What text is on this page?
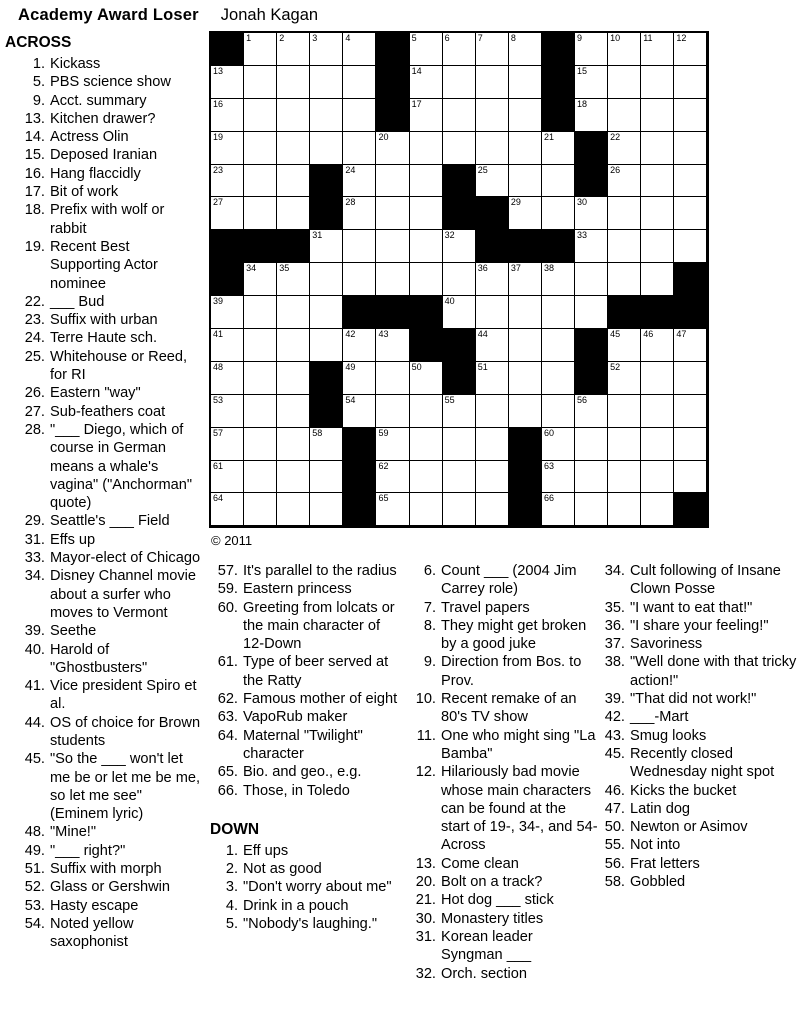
Academy Award Loser Jonah Kagan
ACROSS
1. Kickass
5. PBS science show
9. Acct. summary
13. Kitchen drawer?
14. Actress Olin
15. Deposed Iranian
16. Hang flaccidly
17. Bit of work
18. Prefix with wolf or rabbit
19. Recent Best Supporting Actor nominee
22. ___ Bud
23. Suffix with urban
24. Terre Haute sch.
25. Whitehouse or Reed, for RI
26. Eastern "way"
27. Sub-feathers coat
28. "___ Diego, which of course in German means a whale's vagina" ("Anchorman" quote)
29. Seattle's ___ Field
31. Effs up
33. Mayor-elect of Chicago
34. Disney Channel movie about a surfer who moves to Vermont
39. Seethe
40. Harold of "Ghostbusters"
41. Vice president Spiro et al.
44. OS of choice for Brown students
45. "So the ___ won't let me be or let me be me, so let me see" (Eminem lyric)
48. "Mine!"
49. "___ right?"
51. Suffix with morph
52. Glass or Gershwin
53. Hasty escape
54. Noted yellow saxophonist
1	2	3	4	5	6	7	8	9	10	11	12
13	14	15
16	17	18
19	20	21	22
23	24	25	26
27	28	29	30
31	32	33
34	35	36	37	38
39	40
41	42	43	44	45	46	47
48	49	50	51	52
53	54	55	56
57	58	59	60
61	62	63
64	65	66
© 2011
57. It's parallel to the radius
59. Eastern princess
60. Greeting from lolcats or the main character of 12-Down
61. Type of beer served at the Ratty
62. Famous mother of eight
63. VapoRub maker
64. Maternal "Twilight" character
65. Bio. and geo., e.g.
66. Those, in Toledo
DOWN
1. Eff ups
2. Not as good
3. "Don't worry about me"
4. Drink in a pouch
5. "Nobody's laughing."
6. Count ___ (2004 Jim Carrey role)
7. Travel papers
8. They might get broken by a good juke
9. Direction from Bos. to Prov.
10. Recent remake of an 80's TV show
11. One who might sing "La Bamba"
12. Hilariously bad movie whose main characters can be found at the start of 19-, 34-, and 54-Across
13. Come clean
20. Bolt on a track?
21. Hot dog ___ stick
30. Monastery titles
31. Korean leader Syngman ___
32. Orch. section
34. Cult following of Insane Clown Posse
35. "I want to eat that!"
36. "I share your feeling!"
37. Savoriness
38. "Well done with that tricky action!"
39. "That did not work!"
42. ___-Mart
43. Smug looks
45. Recently closed Wednesday night spot
46. Kicks the bucket
47. Latin dog
50. Newton or Asimov
55. Not into
56. Frat letters
58. Gobbled
